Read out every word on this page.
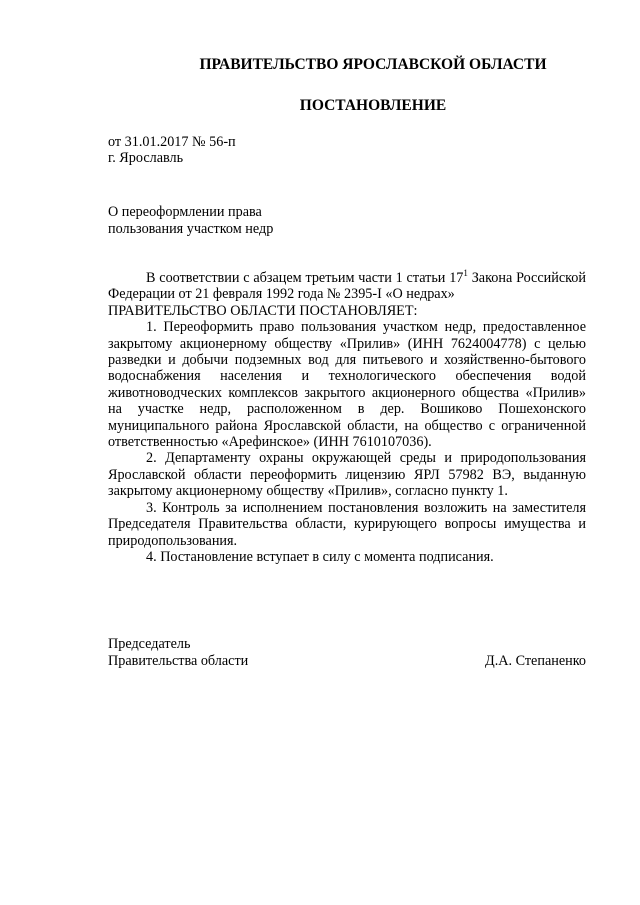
ПРАВИТЕЛЬСТВО ЯРОСЛАВСКОЙ ОБЛАСТИ
ПОСТАНОВЛЕНИЕ

от 31.01.2017 № 56-п

г. Ярославль

О переоформлении права

пользования участком недр

В соответствии с абзацем третьим части 1 статьи $17^1$ Закона Российской Федерации от 21 февраля 1992 года № 2395-I «О недрах»

ПРАВИТЕЛЬСТВО ОБЛАСТИ ПОСТАНОВЛЯЕТ:

1. Переоформить право пользования участком недр, предоставленное закрытому акционерному обществу «Прилив» (ИНН 7624004778) с целью разведки и добычи подземных вод для питьевого и хозяйственно-бытового водоснабжения населения и технологического обеспечения водой животноводческих комплексов закрытого акционерного общества «Прилив» на участке недр, расположенном в дер. Вошиково Пошехонского муниципального района Ярославской области, на общество с ограниченной ответственностью «Арефинское» (ИНН 7610107036).

2. Департаменту охраны окружающей среды и природопользования Ярославской области переоформить лицензию ЯРЛ 57982 ВЭ, выданную закрытому акционерному обществу «Прилив», согласно пункту 1.

3. Контроль за исполнением постановления возложить на заместителя Председателя Правительства области, курирующего вопросы имущества и природопользования.

4. Постановление вступает в силу с момента подписания.

Председатель
Правительства области	Д.А. Степаненко
